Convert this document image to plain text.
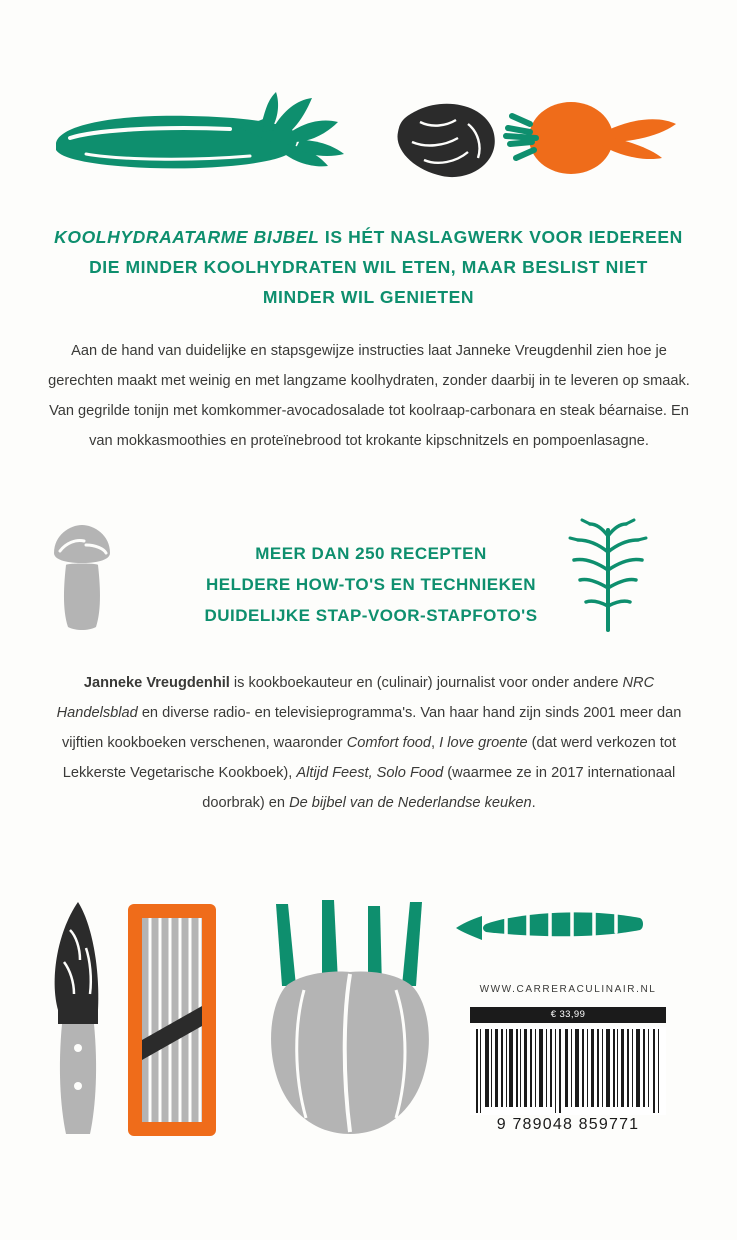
KOOLHYDRAATARME BIJBEL IS HÉT NASLAGWERK VOOR IEDEREEN DIE MINDER KOOLHYDRATEN WIL ETEN, MAAR BESLIST NIET MINDER WIL GENIETEN
Aan de hand van duidelijke en stapsgewijze instructies laat Janneke Vreugdenhil zien hoe je gerechten maakt met weinig en met langzame koolhydraten, zonder daarbij in te leveren op smaak. Van gegrilde tonijn met komkommer-avocadosalade tot koolraap-carbonara en steak béarnaise. En van mokkasmoothies en proteïnebrood tot krokante kipschnitzels en pompoenlasagne.
MEER DAN 250 RECEPTEN
HELDERE HOW-TO'S EN TECHNIEKEN
DUIDELIJKE STAP-VOOR-STAPFOTO'S
Janneke Vreugdenhil is kookboekauteur en (culinair) journalist voor onder andere NRC Handelsblad en diverse radio- en televisieprogramma's. Van haar hand zijn sinds 2001 meer dan vijftien kookboeken verschenen, waaronder Comfort food, I love groente (dat werd verkozen tot Lekkerste Vegetarische Kookboek), Altijd Feest, Solo Food (waarmee ze in 2017 internationaal doorbrak) en De bijbel van de Nederlandse keuken.
WWW.CARRERACULINAIR.NL
€ 33,99
9 789048 859771
